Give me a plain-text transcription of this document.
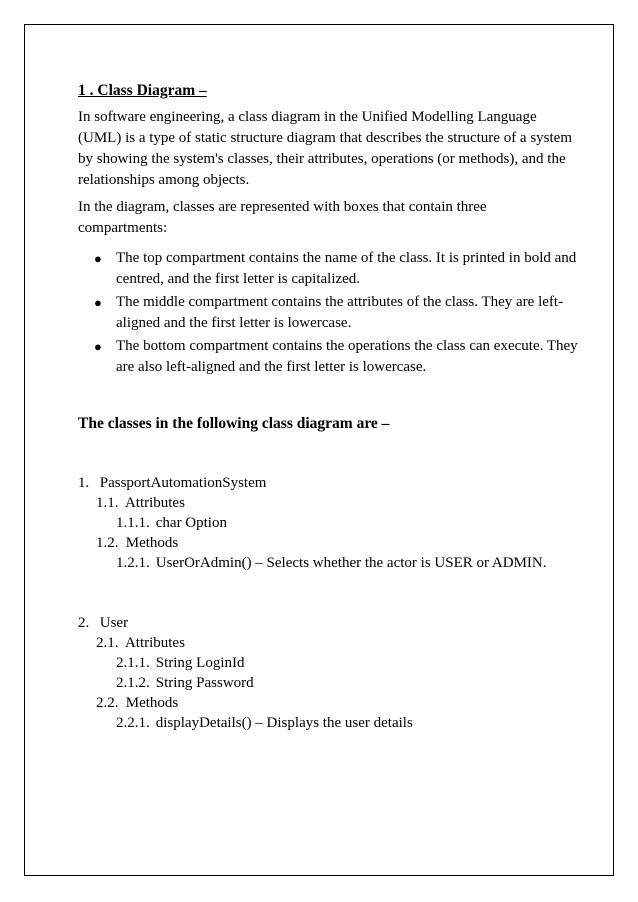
1 . Class Diagram –

In software engineering, a class diagram in the Unified Modelling Language (UML) is a type of static structure diagram that describes the structure of a system by showing the system's classes, their attributes, operations (or methods), and the relationships among objects.

In the diagram, classes are represented with boxes that contain three compartments:

● The top compartment contains the name of the class. It is printed in bold and centred, and the first letter is capitalized.
● The middle compartment contains the attributes of the class. They are left-aligned and the first letter is lowercase.
● The bottom compartment contains the operations the class can execute. They are also left-aligned and the first letter is lowercase.
The classes in the following class diagram are –
1. PassportAutomationSystem
1.1. Attributes
1.1.1. char Option
1.2. Methods
1.2.1. UserOrAdmin() – Selects whether the actor is USER or ADMIN.
2. User
2.1. Attributes
2.1.1. String LoginId
2.1.2. String Password
2.2. Methods
2.2.1. displayDetails() – Displays the user details
